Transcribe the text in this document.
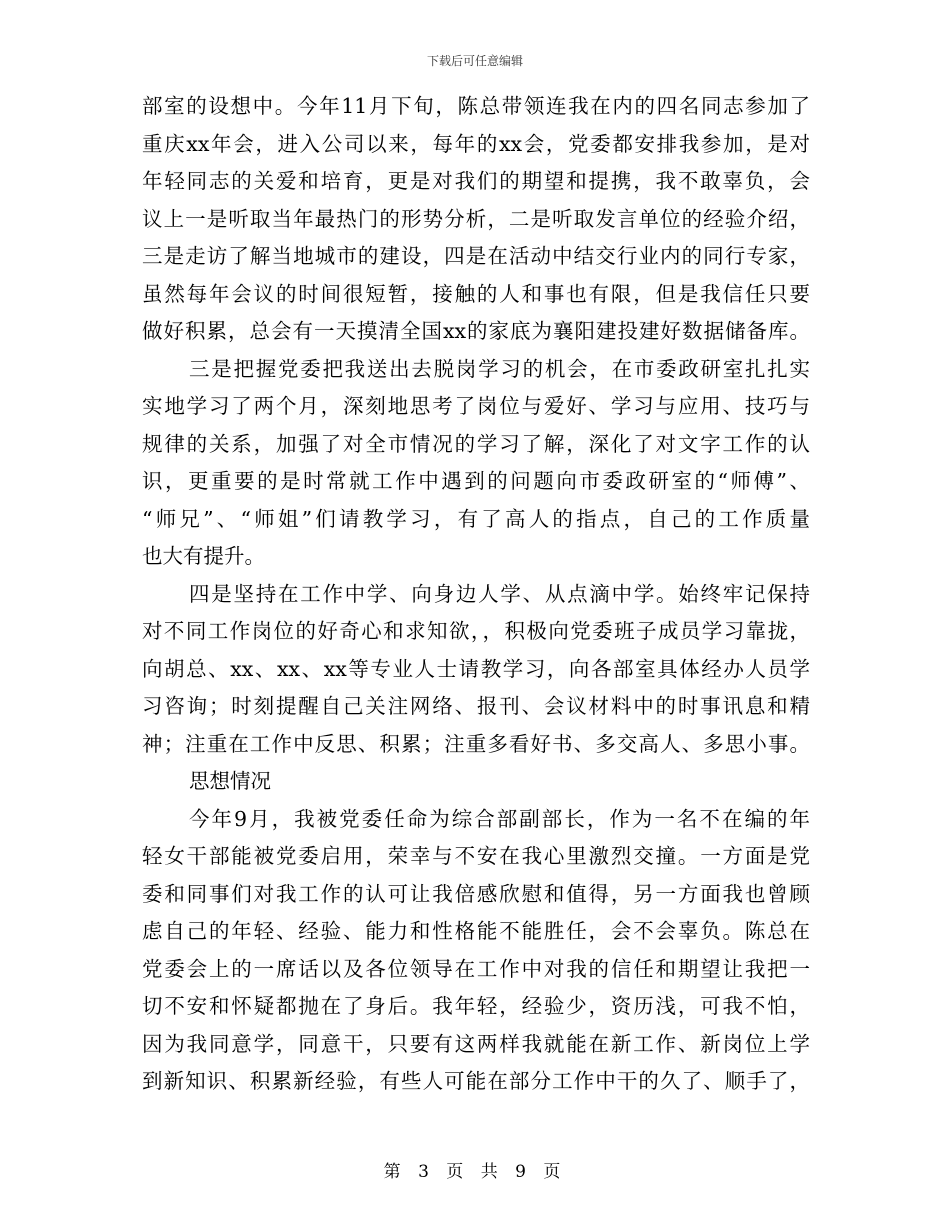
下载后可任意编辑
部室的设想中。今年11月下旬，陈总带领连我在内的四名同志参加了
重庆xx年会，进入公司以来，每年的xx会，党委都安排我参加，是对
年轻同志的关爱和培育，更是对我们的期望和提携，我不敢辜负，会
议上一是听取当年最热门的形势分析，二是听取发言单位的经验介绍，
三是走访了解当地城市的建设，四是在活动中结交行业内的同行专家，
虽然每年会议的时间很短暂，接触的人和事也有限，但是我信任只要
做好积累，总会有一天摸清全国xx的家底为襄阳建投建好数据储备库。
三是把握党委把我送出去脱岗学习的机会，在市委政研室扎扎实
实地学习了两个月，深刻地思考了岗位与爱好、学习与应用、技巧与
规律的关系，加强了对全市情况的学习了解，深化了对文字工作的认
识，更重要的是时常就工作中遇到的问题向市委政研室的“师傅”、
“师兄”、“师姐”们请教学习，有了高人的指点，自己的工作质量
也大有提升。
四是坚持在工作中学、向身边人学、从点滴中学。始终牢记保持
对不同工作岗位的好奇心和求知欲，，积极向党委班子成员学习靠拢，
向胡总、xx、xx、xx等专业人士请教学习，向各部室具体经办人员学
习咨询；时刻提醒自己关注网络、报刊、会议材料中的时事讯息和精
神；注重在工作中反思、积累；注重多看好书、多交高人、多思小事。
思想情况
今年9月，我被党委任命为综合部副部长，作为一名不在编的年
轻女干部能被党委启用，荣幸与不安在我心里激烈交撞。一方面是党
委和同事们对我工作的认可让我倍感欣慰和值得，另一方面我也曾顾
虑自己的年轻、经验、能力和性格能不能胜任，会不会辜负。陈总在
党委会上的一席话以及各位领导在工作中对我的信任和期望让我把一
切不安和怀疑都抛在了身后。我年轻，经验少，资历浅，可我不怕，
因为我同意学，同意干，只要有这两样我就能在新工作、新岗位上学
到新知识、积累新经验，有些人可能在部分工作中干的久了、顺手了，
第 3 页 共 9 页
